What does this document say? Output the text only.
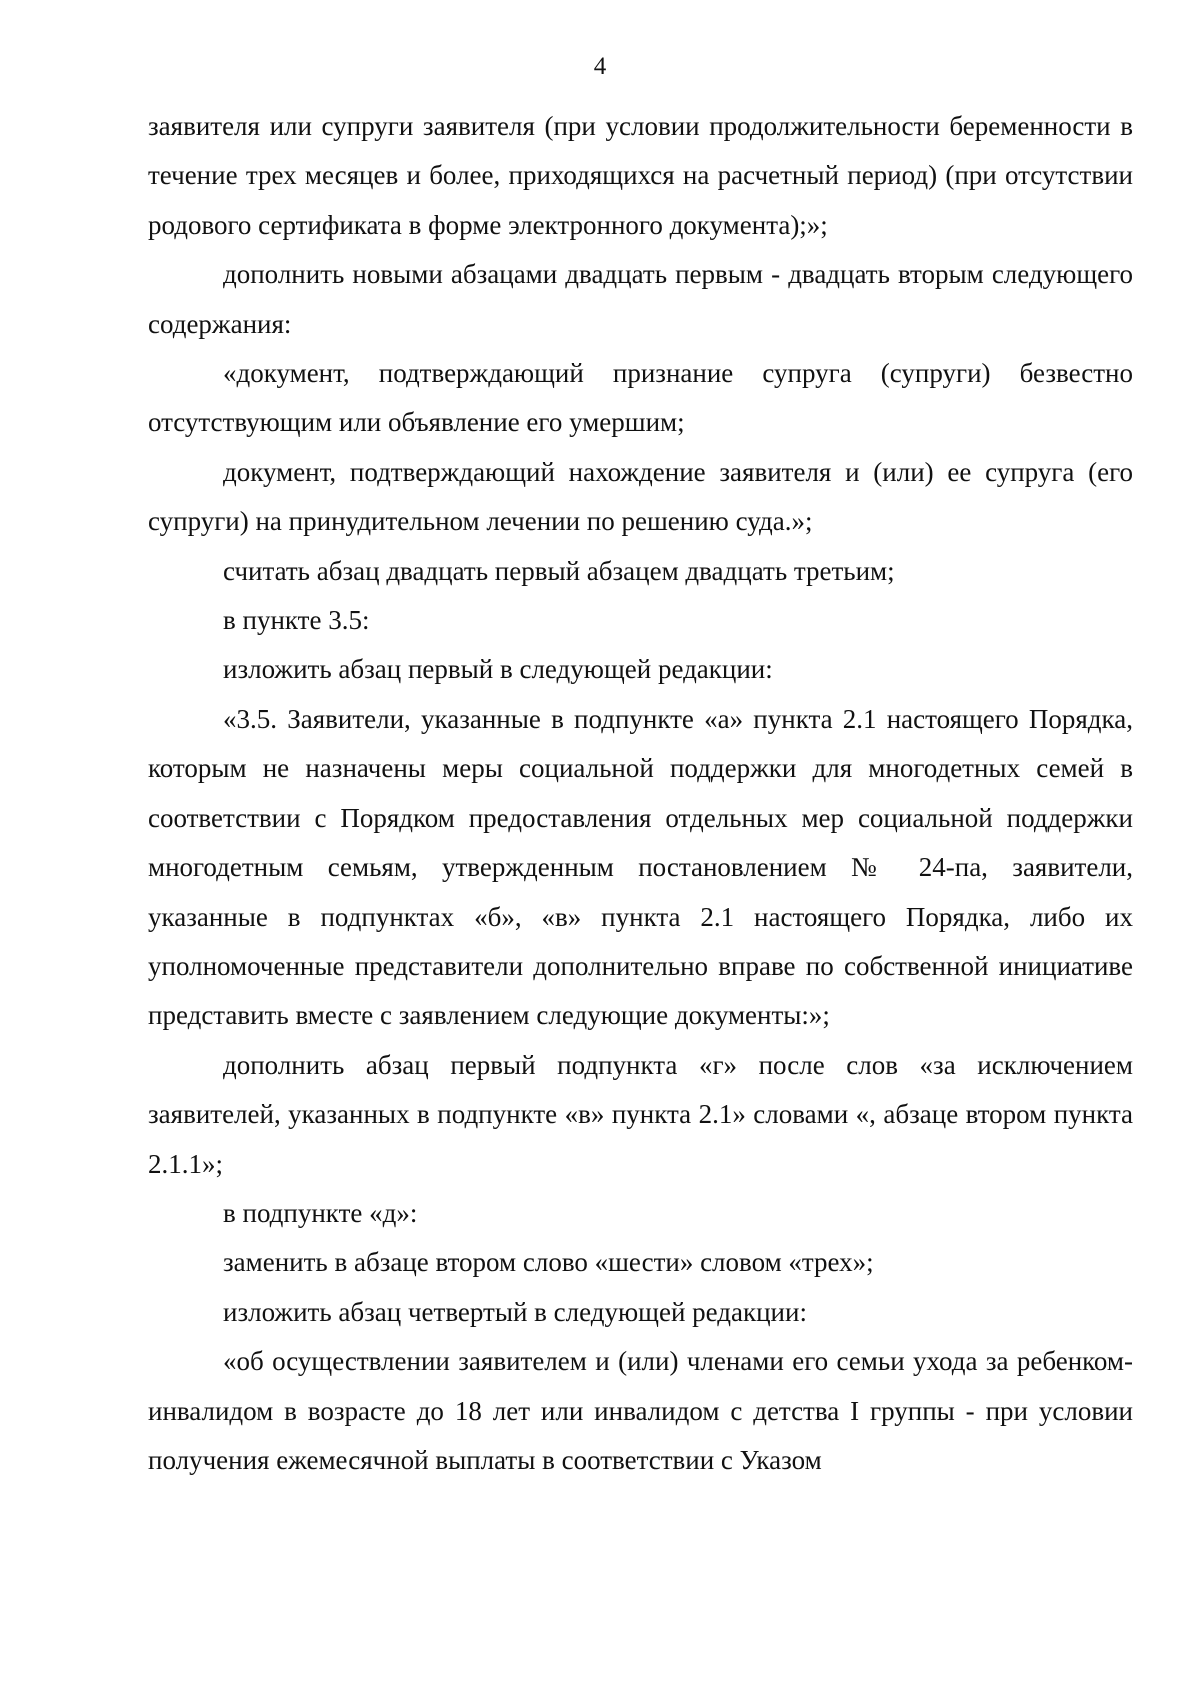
4

заявителя или супруги заявителя (при условии продолжительности беременности в течение трех месяцев и более, приходящихся на расчетный период) (при отсутствии родового сертификата в форме электронного документа);»;

дополнить новыми абзацами двадцать первым - двадцать вторым следующего содержания:

«документ, подтверждающий признание супруга (супруги) безвестно отсутствующим или объявление его умершим;

документ, подтверждающий нахождение заявителя и (или) ее супруга (его супруги) на принудительном лечении по решению суда.»;

считать абзац двадцать первый абзацем двадцать третьим;

в пункте 3.5:

изложить абзац первый в следующей редакции:

«3.5. Заявители, указанные в подпункте «а» пункта 2.1 настоящего Порядка, которым не назначены меры социальной поддержки для многодетных семей в соответствии с Порядком предоставления отдельных мер социальной поддержки многодетным семьям, утвержденным постановлением № 24-па, заявители, указанные в подпунктах «б», «в» пункта 2.1 настоящего Порядка, либо их уполномоченные представители дополнительно вправе по собственной инициативе представить вместе с заявлением следующие документы:»;

дополнить абзац первый подпункта «г» после слов «за исключением заявителей, указанных в подпункте «в» пункта 2.1» словами «, абзаце втором пункта 2.1.1»;

в подпункте «д»:

заменить в абзаце втором слово «шести» словом «трех»;

изложить абзац четвертый в следующей редакции:

«об осуществлении заявителем и (или) членами его семьи ухода за ребенком-инвалидом в возрасте до 18 лет или инвалидом с детства I группы - при условии получения ежемесячной выплаты в соответствии с Указом
